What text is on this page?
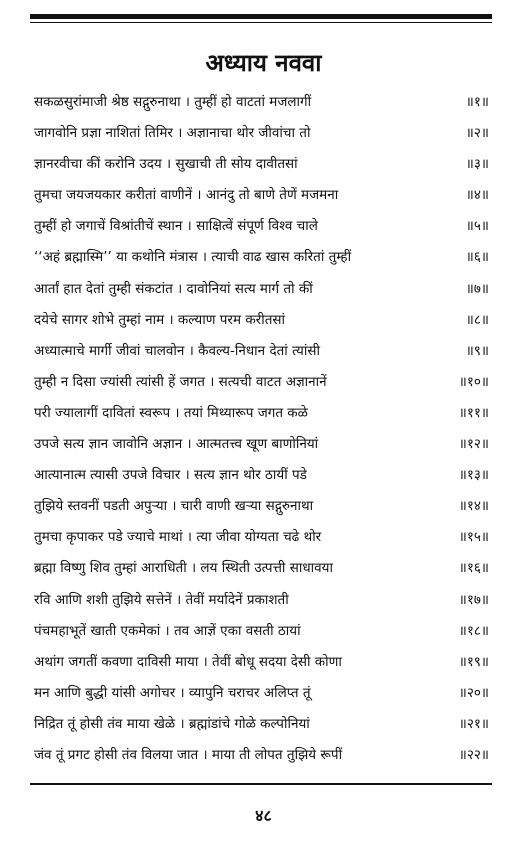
अध्याय नववा
सकळसुरांमाजी श्रेष्ठ सद्गुरुनाथा । तुम्हीं हो वाटतां मजलागीं	॥१॥
जागवोनि प्रज्ञा नाशितां तिमिर । अज्ञानाचा थोर जीवांचा तो	॥२॥
ज्ञानरवीचा कीं करोनि उदय । सुखाची ती सोय दावीतसां	॥३॥
तुमचा जयजयकार करीतां वाणीनें । आनंदु तो बाणे तेणें मजमना	॥४॥
तुम्हीं हो जगाचें विश्रांतीचें स्थान । साक्षित्वें संपूर्ण विश्व चाले	॥५॥
‘‘अहं ब्रह्मास्मि’’ या कथोनि मंत्रास । त्याची वाढ खास करितां तुम्हीं	॥६॥
आर्तां हात देतां तुम्ही संकटांत । दावोनियां सत्य मार्ग तो कीं	॥७॥
दयेचे सागर शोभे तुम्हां नाम । कल्याण परम करीतसां	॥८॥
अध्यात्माचे मार्गी जीवां चालवोन । कैवल्य-निधान देतां त्यांसी	॥९॥
तुम्ही न दिसा ज्यांसी त्यांसी हें जगत । सत्यची वाटत अज्ञानानें	॥१०॥
परी ज्यालागीं दावितां स्वरूप । तयां मिथ्यारूप जगत कळे	॥११॥
उपजे सत्य ज्ञान जावोनि अज्ञान । आत्मतत्त्व खूण बाणोनियां	॥१२॥
आत्यानात्म त्यासी उपजे विचार । सत्य ज्ञान थोर ठायीं पडे	॥१३॥
तुझिये स्तवनीं पडती अपुऱ्या । चारी वाणी खऱ्या सद्गुरुनाथा	॥१४॥
तुमचा कृपाकर पडे ज्याचे माथां । त्या जीवा योग्यता चढे थोर	॥१५॥
ब्रह्मा विष्णु शिव तुम्हां आराधिती । लय स्थिती उत्पत्ती साधावया	॥१६॥
रवि आणि शशी तुझिये सत्तेनें । तेवीं मर्यादेनें प्रकाशती	॥१७॥
पंचमहाभूतें खाती एकमेकां । तव आज्ञें एका वसती ठायां	॥१८॥
अथांग जगतीं कवणा दाविसी माया । तेवीं बोधू सदया देसी कोणा	॥१९॥
मन आणि बुद्धी यांसी अगोचर । व्यापुनि चराचर अलिप्त तूं	॥२०॥
निद्रित तूं होसी तंव माया खेळे । ब्रह्मांडांचे गोळे कल्पोनियां	॥२१॥
जंव तूं प्रगट होसी तंव विलया जात । माया ती लोपत तुझिये रूपीं	॥२२॥
४८
